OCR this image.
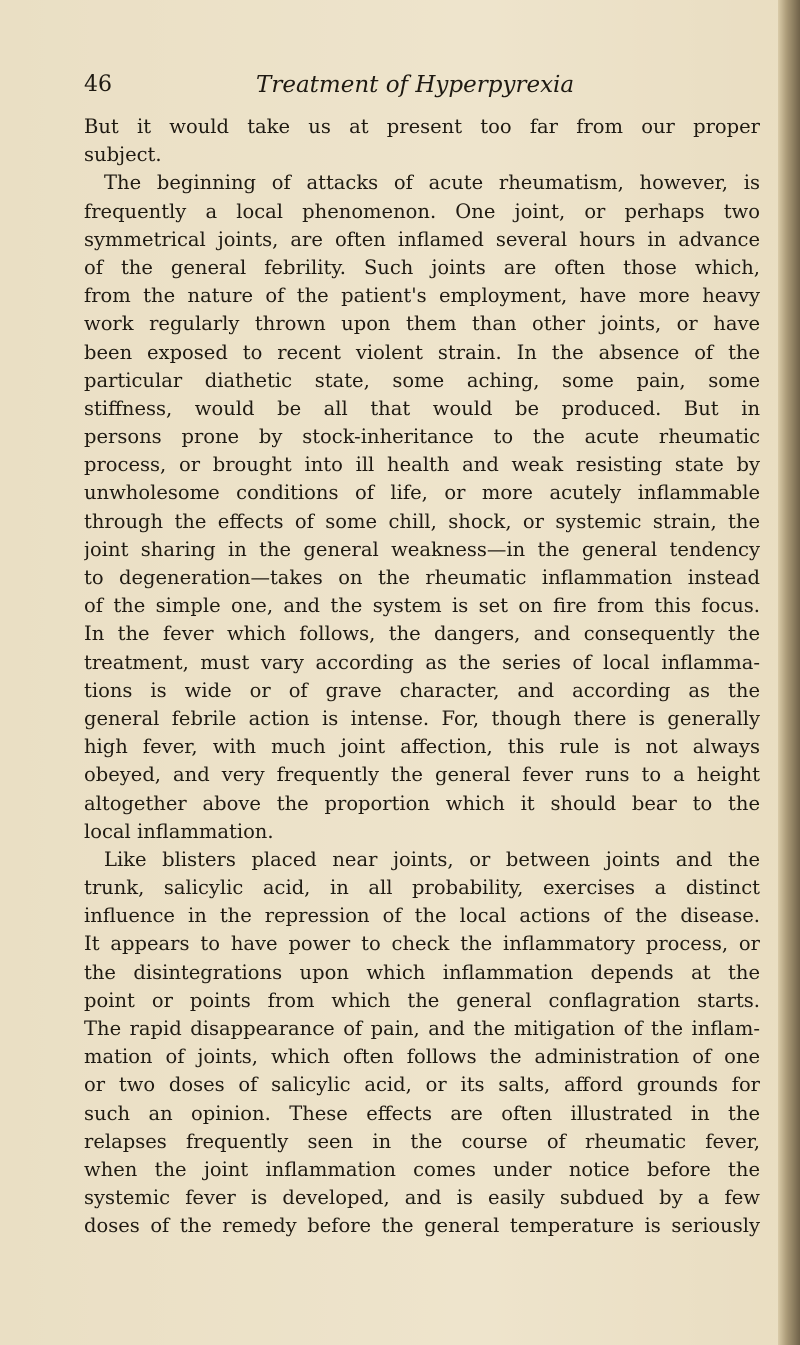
46	Treatment of Hyperpyrexia
But it would take us at present too far from our proper
subject.
The beginning of attacks of acute rheumatism, however, is
frequently a local phenomenon. One joint, or perhaps two
symmetrical joints, are often inflamed several hours in advance
of the general febrility. Such joints are often those which,
from the nature of the patient's employment, have more heavy
work regularly thrown upon them than other joints, or have
been exposed to recent violent strain. In the absence of the
particular diathetic state, some aching, some pain, some
stiffness, would be all that would be produced. But in
persons prone by stock-inheritance to the acute rheumatic
process, or brought into ill health and weak resisting state by
unwholesome conditions of life, or more acutely inflammable
through the effects of some chill, shock, or systemic strain, the
joint sharing in the general weakness—in the general tendency
to degeneration—takes on the rheumatic inflammation instead
of the simple one, and the system is set on fire from this focus.
In the fever which follows, the dangers, and consequently the
treatment, must vary according as the series of local inflamma-
tions is wide or of grave character, and according as the
general febrile action is intense. For, though there is generally
high fever, with much joint affection, this rule is not always
obeyed, and very frequently the general fever runs to a height
altogether above the proportion which it should bear to the
local inflammation.
Like blisters placed near joints, or between joints and the
trunk, salicylic acid, in all probability, exercises a distinct
influence in the repression of the local actions of the disease.
It appears to have power to check the inflammatory process, or
the disintegrations upon which inflammation depends at the
point or points from which the general conflagration starts.
The rapid disappearance of pain, and the mitigation of the inflam-
mation of joints, which often follows the administration of one
or two doses of salicylic acid, or its salts, afford grounds for
such an opinion. These effects are often illustrated in the
relapses frequently seen in the course of rheumatic fever,
when the joint inflammation comes under notice before the
systemic fever is developed, and is easily subdued by a few
doses of the remedy before the general temperature is seriously
